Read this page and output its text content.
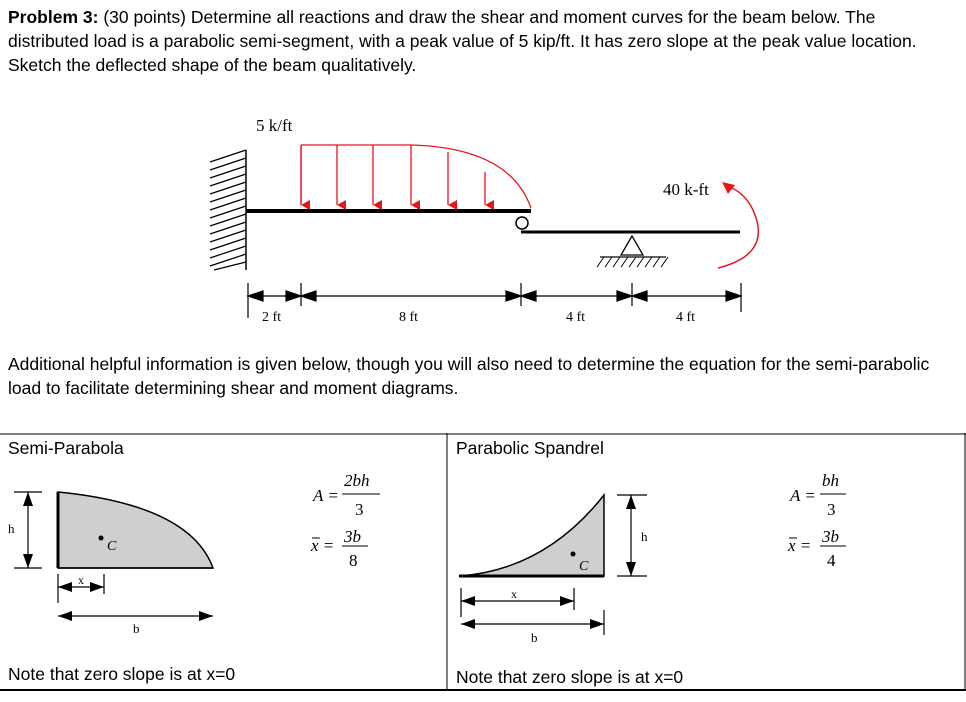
Problem 3: (30 points) Determine all reactions and draw the shear and moment curves for the beam below. The distributed load is a parabolic semi-segment, with a peak value of 5 kip/ft. It has zero slope at the peak value location. Sketch the deflected shape of the beam qualitatively.

5 k/ft
40 k-ft
2 ft	8 ft	4 ft	4 ft

Additional helpful information is given below, though you will also need to determine the equation for the semi-parabolic load to facilitate determining shear and moment diagrams.

Semi-Parabola	Parabolic Spandrel
C
h
x
b
A =
2bh
3
x = 3b
8	C
h
x
b
A =
bh
3
x = 3b
4
Note that zero slope is at x=0	Note that zero slope is at x=0
